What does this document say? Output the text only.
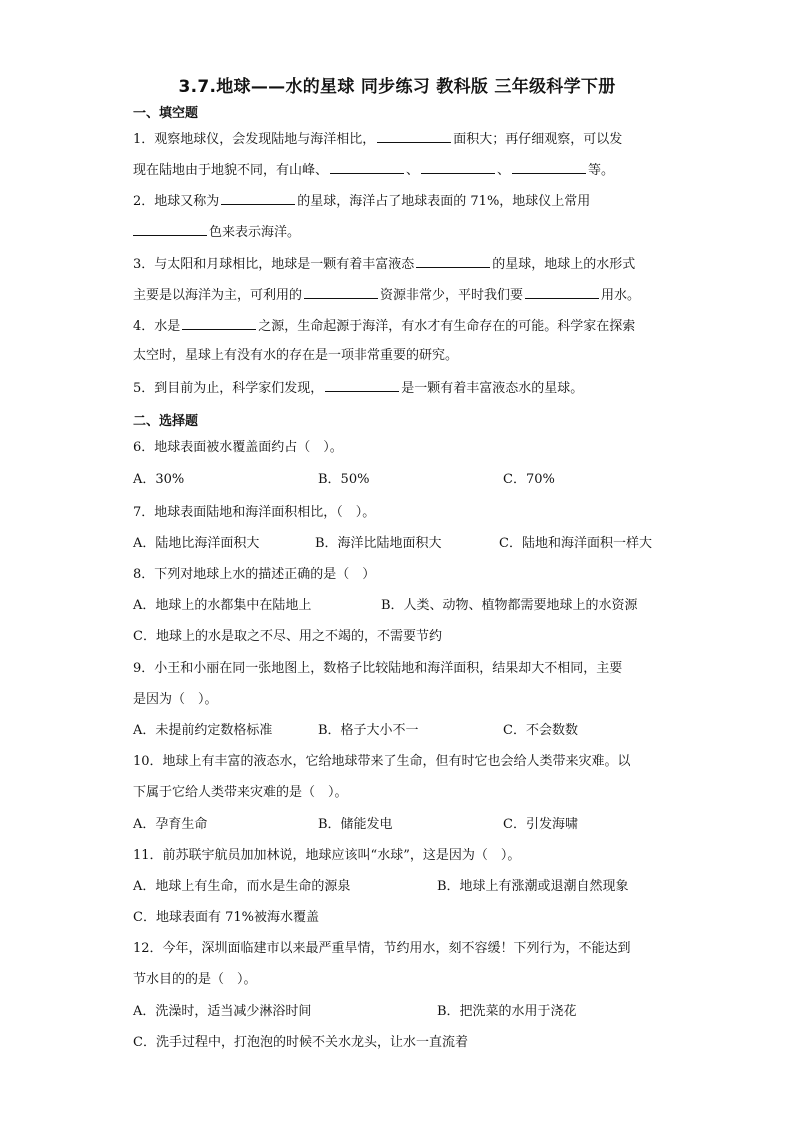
3.7.地球——水的星球 同步练习 教科版 三年级科学下册
一、填空题
1．观察地球仪，会发现陆地与海洋相比，	面积大；再仔细观察，可以发
现在陆地由于地貌不同，有山峰、	、	、	等。
2．地球又称为	的星球，海洋占了地球表面的 71%，地球仪上常用
色来表示海洋。
3．与太阳和月球相比，地球是一颗有着丰富液态	的星球，地球上的水形式
主要是以海洋为主，可利用的	资源非常少，平时我们要	用水。
4．水是	之源，生命起源于海洋，有水才有生命存在的可能。科学家在探索
太空时，星球上有没有水的存在是一项非常重要的研究。
5．到目前为止，科学家们发现，	是一颗有着丰富液态水的星球。
二、选择题
6．地球表面被水覆盖面约占（　）。
A．30%	B．50%	C．70%
7．地球表面陆地和海洋面积相比，（　）。
A．陆地比海洋面积大	B．海洋比陆地面积大	C．陆地和海洋面积一样大
8．下列对地球上水的描述正确的是（　）
A．地球上的水都集中在陆地上	B．人类、动物、植物都需要地球上的水资源
C．地球上的水是取之不尽、用之不竭的，不需要节约
9．小王和小丽在同一张地图上，数格子比较陆地和海洋面积，结果却大不相同，主要
是因为（　）。
A．未提前约定数格标准	B．格子大小不一	C．不会数数
10．地球上有丰富的液态水，它给地球带来了生命，但有时它也会给人类带来灾难。以
下属于它给人类带来灾难的是（　）。
A．孕育生命	B．储能发电	C．引发海啸
11．前苏联宇航员加加林说，地球应该叫“水球”，这是因为（　）。
A．地球上有生命，而水是生命的源泉	B．地球上有涨潮或退潮自然现象
C．地球表面有 71%被海水覆盖
12．今年，深圳面临建市以来最严重旱情，节约用水，刻不容缓！下列行为，不能达到
节水目的的是（　）。
A．洗澡时，适当减少淋浴时间	B．把洗菜的水用于浇花
C．洗手过程中，打泡泡的时候不关水龙头，让水一直流着
